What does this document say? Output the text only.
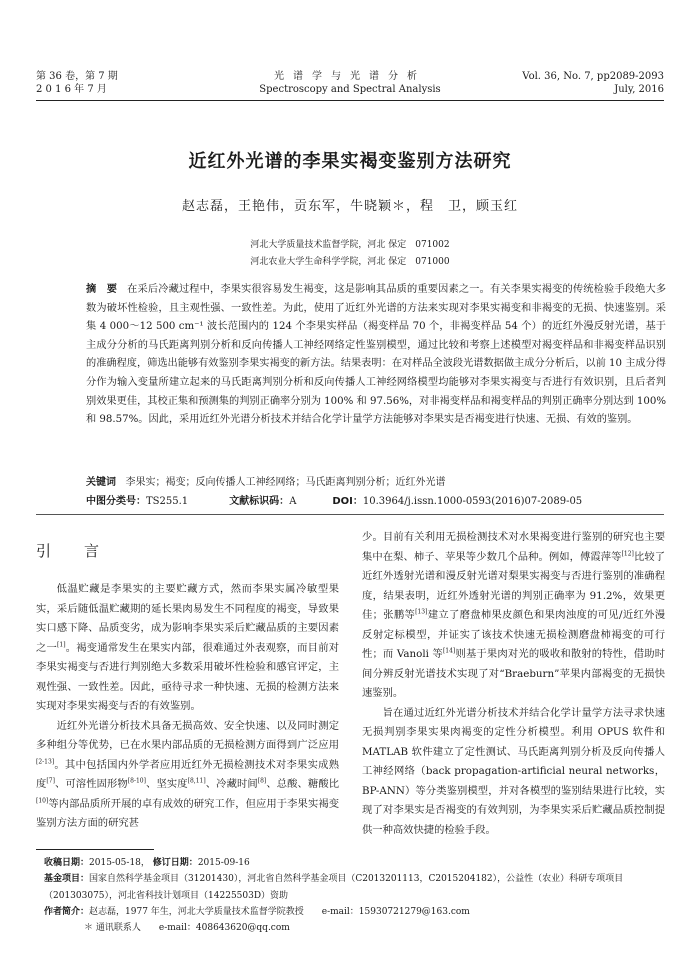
第 36 卷，第 7 期
2 0 1 6 年 7 月
光谱学与光谱分析
Spectroscopy and Spectral Analysis
Vol. 36, No. 7, pp2089-2093
July, 2016
近红外光谱的李果实褐变鉴别方法研究
赵志磊，王艳伟，贡东军，牛晓颖＊，程　卫，顾玉红
河北大学质量技术监督学院，河北 保定　071002
河北农业大学生命科学学院，河北 保定　071000
摘　要 在采后冷藏过程中，李果实很容易发生褐变，这是影响其品质的重要因素之一。有关李果实褐变的传统检验手段绝大多数为破坏性检验，且主观性强、一致性差。为此，使用了近红外光谱的方法来实现对李果实褐变和非褐变的无损、快速鉴别。采集 4 000～12 500 cm⁻¹ 波长范围内的 124 个李果实样品（褐变样品 70 个，非褐变样品 54 个）的近红外漫反射光谱，基于主成分分析的马氏距离判别分析和反向传播人工神经网络定性鉴别模型，通过比较和考察上述模型对褐变样品和非褐变样品识别的准确程度，筛选出能够有效鉴别李果实褐变的新方法。结果表明：在对样品全波段光谱数据做主成分分析后，以前 10 主成分得分作为输入变量所建立起来的马氏距离判别分析和反向传播人工神经网络模型均能够对李果实褐变与否进行有效识别，且后者判别效果更佳，其校正集和预测集的判别正确率分别为 100% 和 97.56%，对非褐变样品和褐变样品的判别正确率分别达到 100% 和 98.57%。因此，采用近红外光谱分析技术并结合化学计量学方法能够对李果实是否褐变进行快速、无损、有效的鉴别。
关键词 李果实；褐变；反向传播人工神经网络；马氏距离判别分析；近红外光谱
中图分类号：TS255.1	文献标识码：A	DOI：10.3964/j.issn.1000-0593(2016)07-2089-05
引　言

低温贮藏是李果实的主要贮藏方式，然而李果实属冷敏型果实，采后随低温贮藏期的延长果肉易发生不同程度的褐变，导致果实口感下降、品质变劣，成为影响李果实采后贮藏品质的主要因素之一[1]。褐变通常发生在果实内部，很难通过外表观察，而目前对李果实褐变与否进行判别绝大多数采用破坏性检验和感官评定，主观性强、一致性差。因此，亟待寻求一种快速、无损的检测方法来实现对李果实褐变与否的有效鉴别。

近红外光谱分析技术具备无损高效、安全快速、以及同时测定多种组分等优势，已在水果内部品质的无损检测方面得到广泛应用[2-13]。其中包括国内外学者应用近红外无损检测技术对李果实成熟度[7]、可溶性固形物[8-10]、坚实度[8,11]、冷藏时间[8]、总酸、糖酸比[10]等内部品质所开展的卓有成效的研究工作，但应用于李果实褐变鉴别方法方面的研究甚

少。目前有关利用无损检测技术对水果褐变进行鉴别的研究也主要集中在梨、柿子、苹果等少数几个品种。例如，傅霞萍等[12]比较了近红外透射光谱和漫反射光谱对梨果实褐变与否进行鉴别的准确程度，结果表明，近红外透射光谱的判别正确率为 91.2%，效果更佳；张鹏等[13]建立了磨盘柿果皮颜色和果肉浊度的可见/近红外漫反射定标模型，并证实了该技术快速无损检测磨盘柿褐变的可行性；而 Vanoli 等[14]则基于果肉对光的吸收和散射的特性，借助时间分辨反射光谱技术实现了对“Braeburn”苹果内部褐变的无损快速鉴别。

旨在通过近红外光谱分析技术并结合化学计量学方法寻求快速无损判别李果实果肉褐变的定性分析模型。利用 OPUS 软件和 MATLAB 软件建立了定性测试、马氏距离判别分析及反向传播人工神经网络（back propagation-artificial neural networks，BP-ANN）等分类鉴别模型，并对各模型的鉴别结果进行比较，实现了对李果实是否褐变的有效判别，为李果实采后贮藏品质控制提供一种高效快捷的检验手段。

收稿日期：2015-05-18， 修订日期：2015-09-16
基金项目：国家自然科学基金项目（31201430），河北省自然科学基金项目（C2013201113，C2015204182），公益性（农业）科研专项项目（201303075），河北省科技计划项目（14225503D）资助
作者简介：赵志磊，1977 年生，河北大学质量技术监督学院教授　　e-mail：15930721279@163.com
＊ 通讯联系人　　e-mail：408643620@qq.com
